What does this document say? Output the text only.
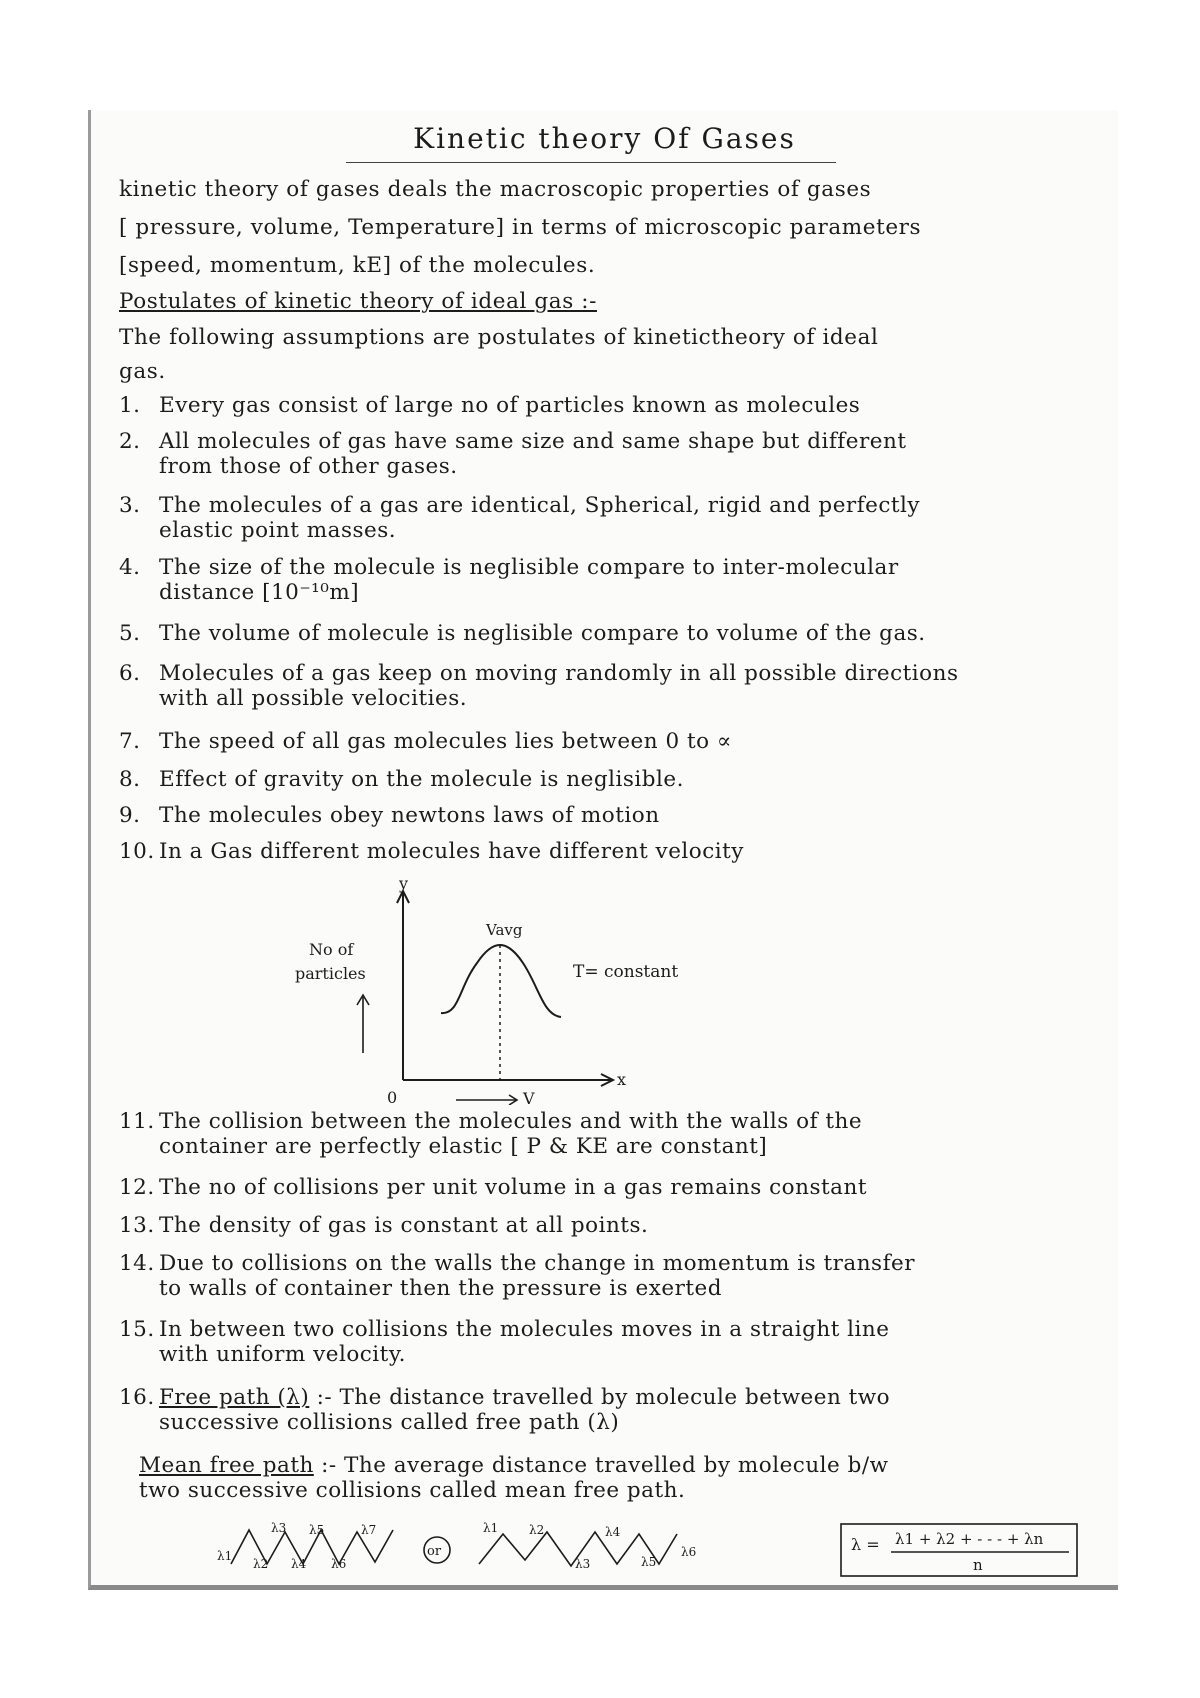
Kinetic theory Of Gases
kinetic theory of gases deals the macroscopic properties of gases
[ pressure, volume, Temperature] in terms of microscopic parameters
[speed, momentum, kE] of the molecules.
Postulates of kinetic theory of ideal gas :-
The following assumptions are postulates of kinetictheory of ideal
gas.
1. Every gas consist of large no of particles known as molecules
2. All molecules of gas have same size and same shape but different
from those of other gases.
3. The molecules of a gas are identical, Spherical, rigid and perfectly
elastic point masses.
4. The size of the molecule is neglisible compare to inter-molecular
distance [10⁻¹⁰m]
5. The volume of molecule is neglisible compare to volume of the gas.
6. Molecules of a gas keep on moving randomly in all possible directions
with all possible velocities.
7. The speed of all gas molecules lies between 0 to ∝
8. Effect of gravity on the molecule is neglisible.
9. The molecules obey newtons laws of motion
10. In a Gas different molecules have different velocity
y
x
0	V
No of
particles
Vavg
T= constant
11. The collision between the molecules and with the walls of the
container are perfectly elastic [ P & KE are constant]
12. The no of collisions per unit volume in a gas remains constant
13. The density of gas is constant at all points.
14. Due to collisions on the walls the change in momentum is transfer
to walls of container then the pressure is exerted
15. In between two collisions the molecules moves in a straight line
with uniform velocity.
16. Free path (λ) :- The distance travelled by molecule between two
successive collisions called free path (λ)
Mean free path :- The average distance travelled by molecule b/w
two successive collisions called mean free path.
λ1
λ2
λ3
λ4
λ5
λ6
λ7
or
λ1	λ2
λ3
λ4
λ5
λ6	λ = λ1 + λ2 + - - - + λn
n
